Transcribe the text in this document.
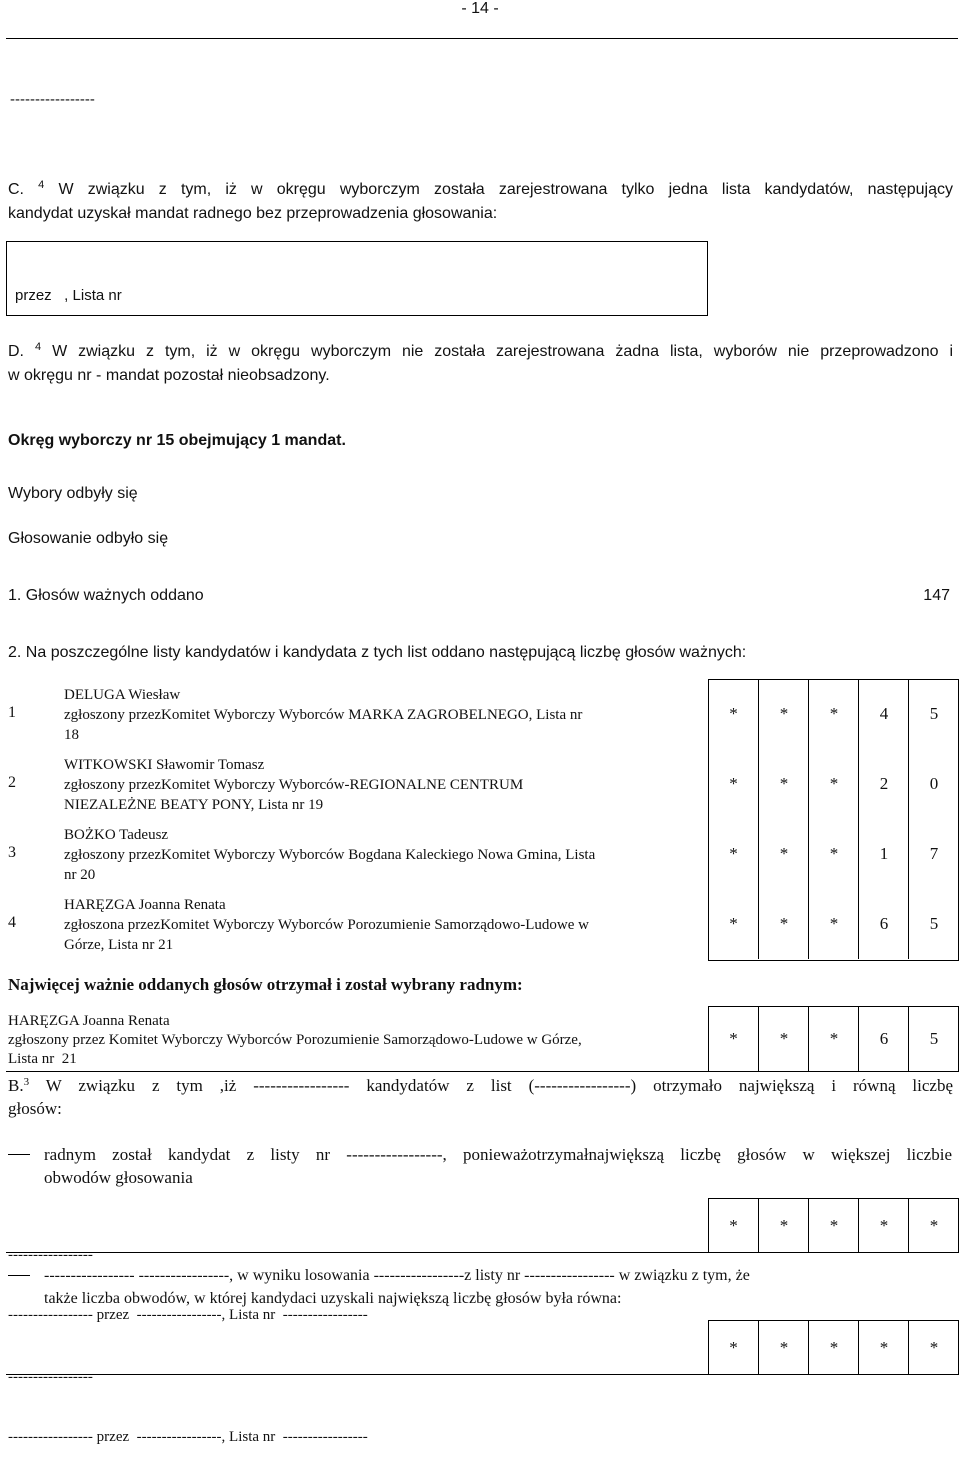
- 14 -
-----------------
C. $^4$ W związku z tym, iż w okręgu wyborczym została zarejestrowana tylko jedna lista kandydatów, następujący
kandydat uzyskał mandat radnego bez przeprowadzenia głosowania:
przez   , Lista nr
D. $^4$ W związku z tym, iż w okręgu wyborczym nie została zarejestrowana żadna lista, wyborów nie przeprowadzono i
w okręgu nr - mandat pozostał nieobsadzony.
Okręg wyborczy nr 15 obejmujący 1 mandat.
Wybory odbyły się
Głosowanie odbyło się
1. Głosów ważnych oddano	147
2. Na poszczególne listy kandydatów i kandydata z tych list oddano następującą liczbę głosów ważnych:
1
DELUGA Wiesław
zgłoszony przezKomitet Wyborczy Wyborców MARKA ZAGROBELNEGO, Lista nr
18
*	*	*	4	5
2
WITKOWSKI Sławomir Tomasz
zgłoszony przezKomitet Wyborczy Wyborców-REGIONALNE CENTRUM
NIEZALEŻNE BEATY PONY, Lista nr 19
*	*	*	2	0
3
BOŻKO Tadeusz
zgłoszony przezKomitet Wyborczy Wyborców Bogdana Kaleckiego Nowa Gmina, Lista
nr 20
*	*	*	1	7
4
HARĘZGA Joanna Renata
zgłoszona przezKomitet Wyborczy Wyborców Porozumienie Samorządowo-Ludowe w
Górze, Lista nr 21
*	*	*	6	5
Najwięcej ważnie oddanych głosów otrzymał i został wybrany radnym:
HARĘZGA Joanna Renata
zgłoszony przez Komitet Wyborczy Wyborców Porozumienie Samorządowo-Ludowe w Górze,
Lista nr  21
*	*	*	6	5
B.$^3$ W związku z tym ,iż ----------------- kandydatów z list (-----------------) otrzymało największą i równą liczbę
głosów:
radnym został kandydat z listy nr -----------------, ponieważotrzymałnajwiększą liczbę głosów w większej liczbie
obwodów głosowania

-----------------

----------------- przez  -----------------, Lista nr  -----------------

*	*	*	*	*
----------------- -----------------, w wyniku losowania -----------------z listy nr ----------------- w związku z tym, że
także liczba obwodów, w której kandydaci uzyskali największą liczbę głosów była równa:

-----------------

----------------- przez  -----------------, Lista nr  -----------------

*	*	*	*	*
